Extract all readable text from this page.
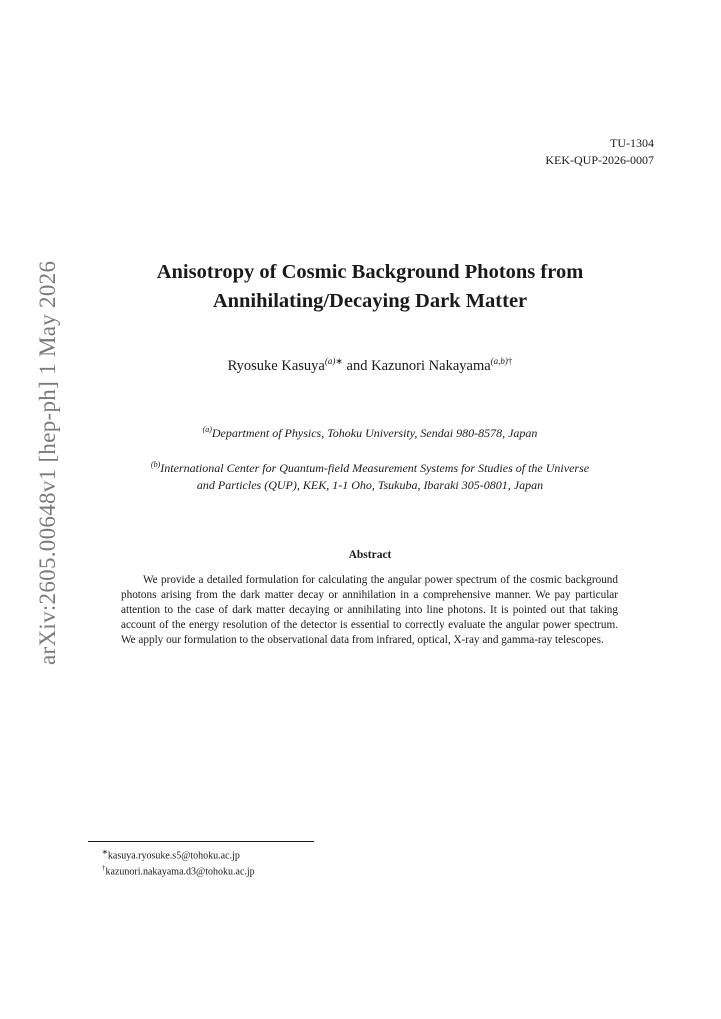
arXiv:2605.00648v1 [hep-ph] 1 May 2026
TU-1304
KEK-QUP-2026-0007
Anisotropy of Cosmic Background Photons from
Annihilating/Decaying Dark Matter
Ryosuke Kasuya$^{(a)∗}$ and Kazunori Nakayama$^{(a,b)\dagger}$
$^{(a)}$Department of Physics, Tohoku University, Sendai 980-8578, Japan
$^{(b)}$International Center for Quantum-field Measurement Systems for Studies of the Universe
and Particles (QUP), KEK, 1-1 Oho, Tsukuba, Ibaraki 305-0801, Japan
Abstract

We provide a detailed formulation for calculating the angular power spectrum of the cosmic background photons arising from the dark matter decay or annihilation in a comprehensive manner. We pay particular attention to the case of dark matter decaying or annihilating into line photons. It is pointed out that taking account of the energy resolution of the detector is essential to correctly evaluate the angular power spectrum. We apply our formulation to the observational data from infrared, optical, X-ray and gamma-ray telescopes.

∗kasuya.ryosuke.s5@tohoku.ac.jp
†kazunori.nakayama.d3@tohoku.ac.jp
